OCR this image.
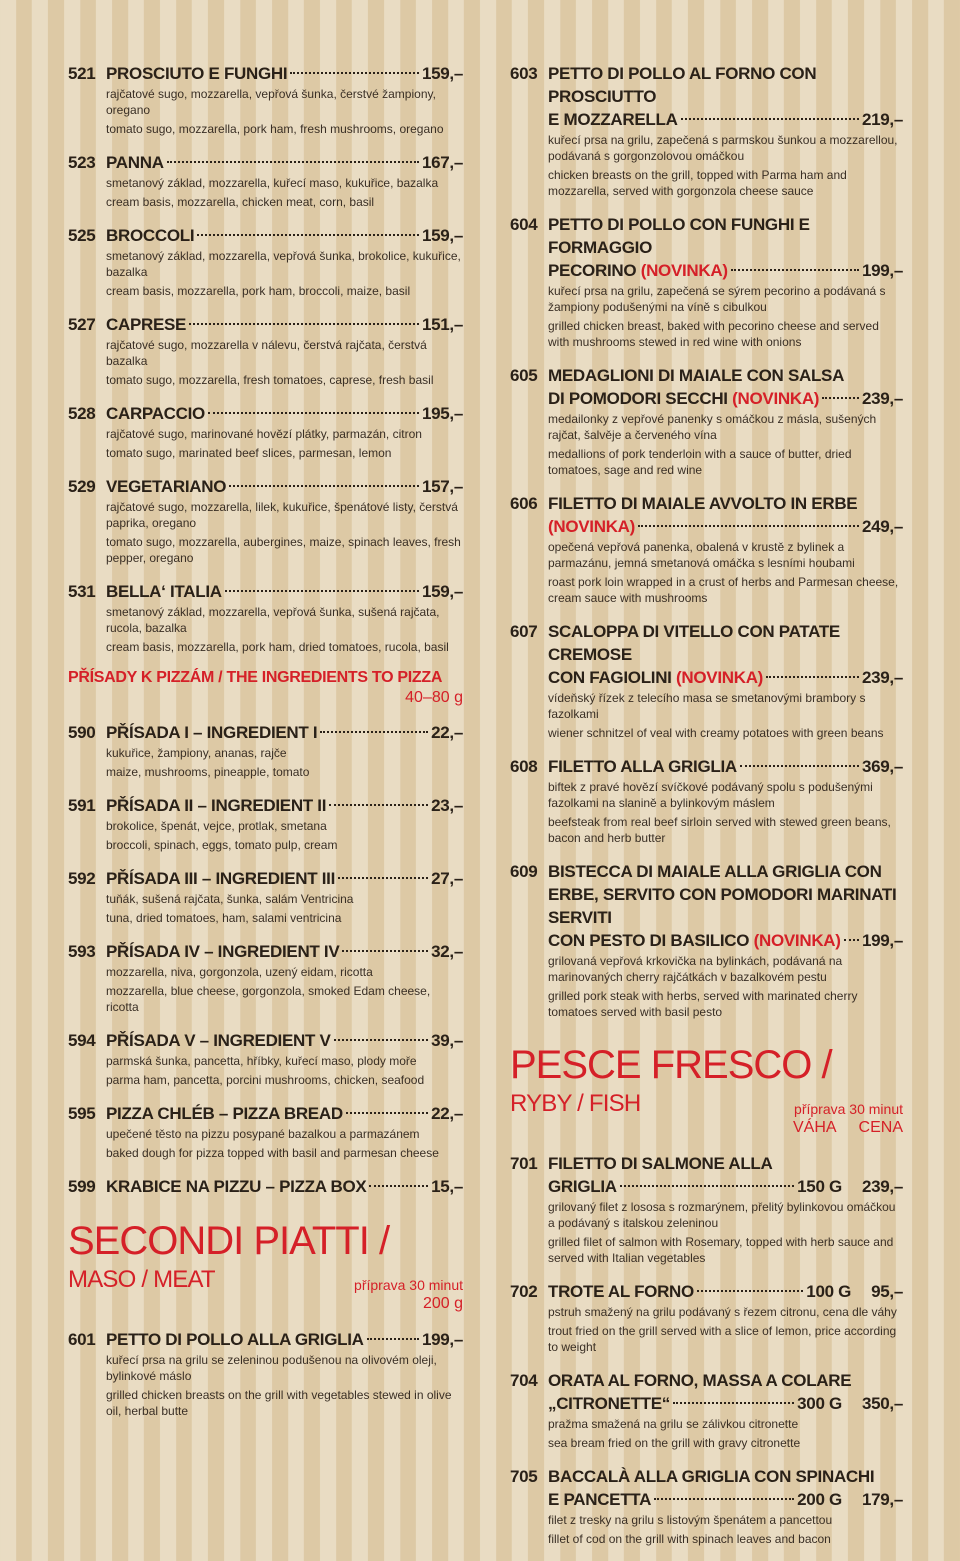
521 PROSCIUTO E FUNGHI	159,–
rajčatové sugo, mozzarella, vepřová šunka, čerstvé žampiony, oregano
tomato sugo, mozzarella, pork ham, fresh mushrooms, oregano
523 PANNA	167,–
smetanový základ, mozzarella, kuřecí maso, kukuřice, bazalka
cream basis, mozzarella, chicken meat, corn, basil
525 BROCCOLI	159,–
smetanový základ, mozzarella, vepřová šunka, brokolice, kukuřice, bazalka
cream basis, mozzarella, pork ham, broccoli, maize, basil
527 CAPRESE	151,–
rajčatové sugo, mozzarella v nálevu, čerstvá rajčata, čerstvá bazalka
tomato sugo, mozzarella, fresh tomatoes, caprese, fresh basil
528 CARPACCIO	195,–
rajčatové sugo, marinované hovězí plátky, parmazán, citron
tomato sugo, marinated beef slices, parmesan, lemon
529 VEGETARIANO	157,–
rajčatové sugo, mozzarella, lilek, kukuřice, špenátové listy, čerstvá paprika, oregano
tomato sugo, mozzarella, aubergines, maize, spinach leaves, fresh pepper, oregano
531 BELLA‘ ITALIA	159,–
smetanový základ, mozzarella, vepřová šunka, sušená rajčata, rucola, bazalka
cream basis, mozzarella, pork ham, dried tomatoes, rucola, basil
PŘÍSADY K PIZZÁM / THE INGREDIENTS TO PIZZA
40–80 g
590 PŘÍSADA I – INGREDIENT I	22,–
kukuřice, žampiony, ananas, rajče
maize, mushrooms, pineapple, tomato
591 PŘÍSADA II – INGREDIENT II	23,–
brokolice, špenát, vejce, protlak, smetana
broccoli, spinach, eggs, tomato pulp, cream
592 PŘÍSADA III – INGREDIENT III	27,–
tuňák, sušená rajčata, šunka, salám Ventricina
tuna, dried tomatoes, ham, salami ventricina
593 PŘÍSADA IV – INGREDIENT IV	32,–
mozzarella, niva, gorgonzola, uzený eidam, ricotta
mozzarella, blue cheese, gorgonzola, smoked Edam cheese, ricotta
594 PŘÍSADA V – INGREDIENT V	39,–
parmská šunka, pancetta, hříbky, kuřecí maso, plody moře
parma ham, pancetta, porcini mushrooms, chicken, seafood
595 PIZZA CHLÉB – PIZZA BREAD	22,–
upečené těsto na pizzu posypané bazalkou a parmazánem
baked dough for pizza topped with basil and parmesan cheese
599 KRABICE NA PIZZU – PIZZA BOX	15,–
SECONDI PIATTI /
MASO / MEAT	příprava 30 minut
200 g
601 PETTO DI POLLO ALLA GRIGLIA	199,–
kuřecí prsa na grilu se zeleninou podušenou na olivovém oleji, bylinkové máslo
grilled chicken breasts on the grill with vegetables stewed in olive oil, herbal butte
603 PETTO DI POLLO AL FORNO CON PROSCIUTTO
E MOZZARELLA	219,–
kuřecí prsa na grilu, zapečená s parmskou šunkou a mozzarellou, podávaná s gorgonzolovou omáčkou
chicken breasts on the grill, topped with Parma ham and mozzarella, served with gorgonzola cheese sauce
604 PETTO DI POLLO CON FUNGHI E FORMAGGIO
PECORINO (NOVINKA)	199,–
kuřecí prsa na grilu, zapečená se sýrem pecorino a podávaná s žampiony podušenými na víně s cibulkou
grilled chicken breast, baked with pecorino cheese and served with mushrooms stewed in red wine with onions
605 MEDAGLIONI DI MAIALE CON SALSA
DI POMODORI SECCHI (NOVINKA)	239,–
medailonky z vepřové panenky s omáčkou z másla, sušených rajčat, šalvěje a červeného vína
medallions of pork tenderloin with a sauce of butter, dried tomatoes, sage and red wine
606 FILETTO DI MAIALE AVVOLTO IN ERBE
(NOVINKA)	249,–
opečená vepřová panenka, obalená v krustě z bylinek a parmazánu, jemná smetanová omáčka s lesními houbami
roast pork loin wrapped in a crust of herbs and Parmesan cheese, cream sauce with mushrooms
607 SCALOPPA DI VITELLO CON PATATE CREMOSE
CON FAGIOLINI (NOVINKA)	239,–
vídeňský řízek z telecího masa se smetanovými brambory s fazolkami
wiener schnitzel of veal with creamy potatoes with green beans
608 FILETTO ALLA GRIGLIA	369,–
biftek z pravé hovězí svíčkové podávaný spolu s podušenými fazolkami na slanině a bylinkovým máslem
beefsteak from real beef sirloin served with stewed green beans, bacon and herb butter
609 BISTECCA DI MAIALE ALLA GRIGLIA CON ERBE, SERVITO CON POMODORI MARINATI SERVITI
CON PESTO DI BASILICO (NOVINKA) 199,–
grilovaná vepřová krkovička na bylinkách, podávaná na marinovaných cherry rajčátkách v bazalkovém pestu
grilled pork steak with herbs, served with marinated cherry tomatoes served with basil pesto
PESCE FRESCO /
RYBY / FISH	příprava 30 minut
VÁHA CENA
701 FILETTO DI SALMONE ALLA
GRIGLIA	150 G 239,–
grilovaný filet z lososa s rozmarýnem, přelitý bylinkovou omáčkou a podávaný s italskou zeleninou
grilled filet of salmon with Rosemary, topped with herb sauce and served with Italian vegetables
702 TROTE AL FORNO	100 G 95,–
pstruh smažený na grilu podávaný s řezem citronu, cena dle váhy
trout fried on the grill served with a slice of lemon, price according to weight
704 ORATA AL FORNO, MASSA A COLARE
„CITRONETTE“	300 G 350,–
pražma smažená na grilu se zálivkou citronette
sea bream fried on the grill with gravy citronette
705 BACCALÀ ALLA GRIGLIA CON SPINACHI
E PANCETTA	200 G 179,–
filet z tresky na grilu s listovým špenátem a pancettou
fillet of cod on the grill with spinach leaves and bacon
